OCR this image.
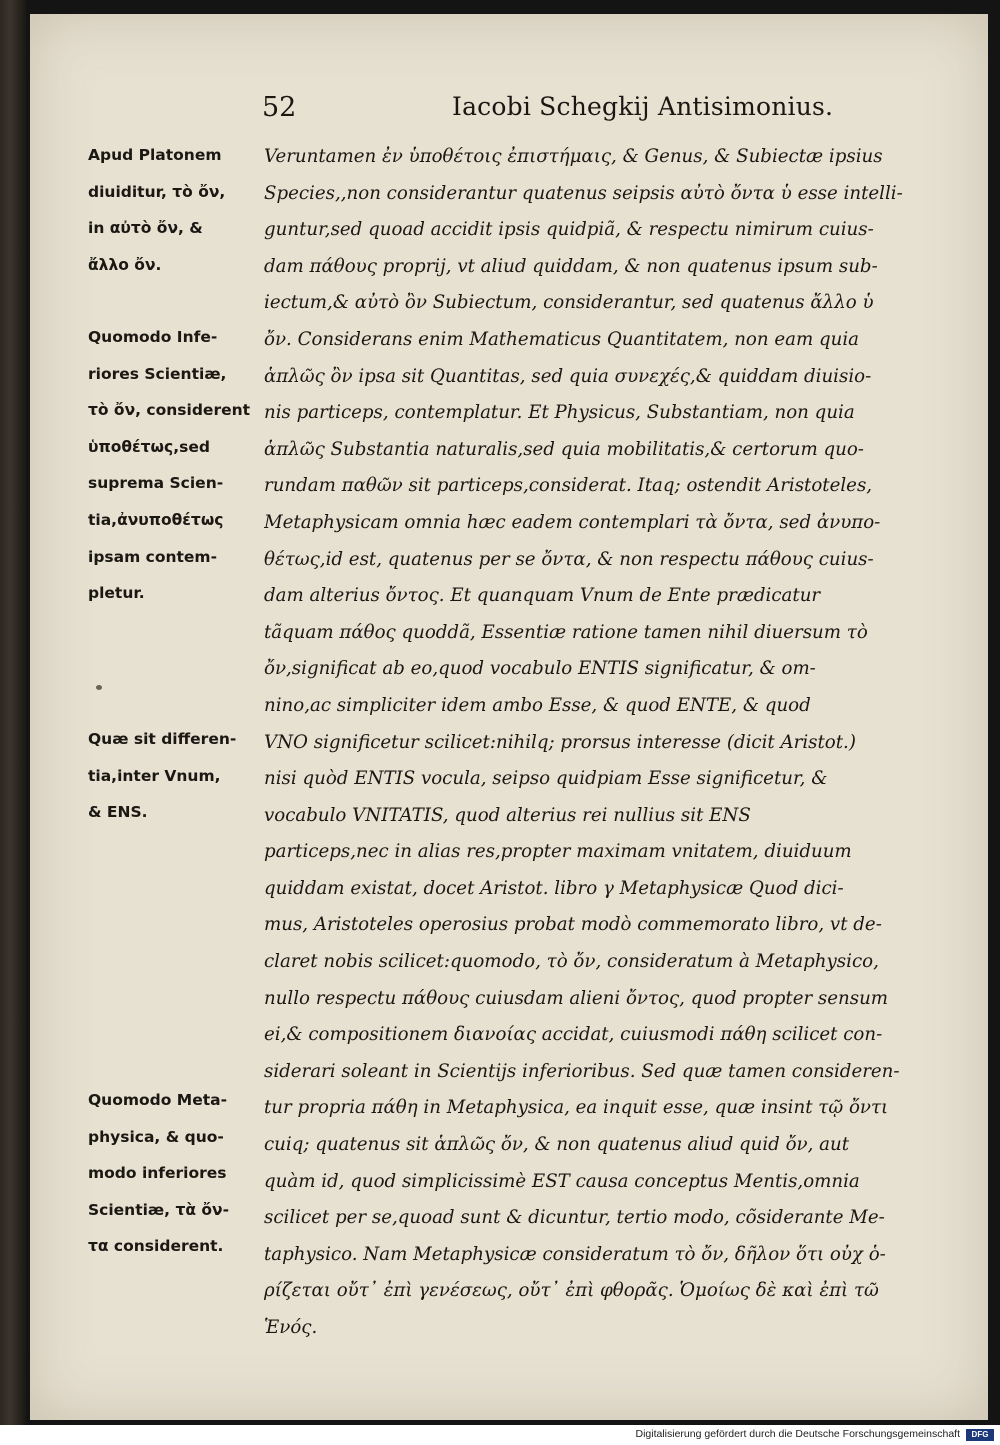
52	Iacobi Schegkij Antisimonius.
Veruntamen ἐν ὑποθέτοις ἐπιστήμαις, & Genus, & Subiectæ ipsius
Species,,non considerantur quatenus seipsis αὐτὸ ὄντα ὑ esse intelli-
guntur,sed quoad accidit ipsis quidpiã, & respectu nimirum cuius-
dam πάθους proprij, vt aliud quiddam, & non quatenus ipsum sub-
iectum,& αὐτὸ ὂν Subiectum, considerantur, sed quatenus ἄλλο ὑ
ὄν. Considerans enim Mathematicus Quantitatem, non eam quia
ἁπλῶς ὂν ipsa sit Quantitas, sed quia συνεχές,& quiddam diuisio-
nis particeps, contemplatur. Et Physicus, Substantiam, non quia
ἁπλῶς Substantia naturalis,sed quia mobilitatis,& certorum quo-
rundam παθῶν sit particeps,considerat. Itaq; ostendit Aristoteles,
Metaphysicam omnia hæc eadem contemplari τὰ ὄντα, sed ἀνυπο-
θέτως,id est, quatenus per se ὄντα, & non respectu πάθους cuius-
dam alterius ὄντος. Et quanquam Vnum de Ente prædicatur
tãquam πάθος quoddã, Essentiæ ratione tamen nihil diuersum τὸ
ὄν,significat ab eo,quod vocabulo ENTIS significatur, & om-
nino,ac simpliciter idem ambo Esse, & quod ENTE, & quod
VNO significetur scilicet:nihilq; prorsus interesse (dicit Aristot.)
nisi quòd ENTIS vocula, seipso quidpiam Esse significetur, &
vocabulo VNITATIS, quod alterius rei nullius sit ENS
particeps,nec in alias res,propter maximam vnitatem, diuiduum
quiddam existat, docet Aristot. libro γ Metaphysicæ Quod dici-
mus, Aristoteles operosius probat modò commemorato libro, vt de-
claret nobis scilicet:quomodo, τὸ ὄν, consideratum à Metaphysico,
nullo respectu πάθους cuiusdam alieni ὄντος, quod propter sensum
ei,& compositionem διανοίας accidat, cuiusmodi πάθη scilicet con-
siderari soleant in Scientijs inferioribus. Sed quæ tamen consideren-
tur propria πάθη in Metaphysica, ea inquit esse, quæ insint τῷ ὄντι
cuiq; quatenus sit ἁπλῶς ὄν, & non quatenus aliud quid ὄν, aut
quàm id, quod simplicissimè EST causa conceptus Mentis,omnia
scilicet per se,quoad sunt & dicuntur, tertio modo, cõsiderante Me-
taphysico. Nam Metaphysicæ consideratum τὸ ὄν, δῆλον ὅτι οὐχ ὁ-
ρίζεται οὔτ᾽ ἐπὶ γενέσεως, οὔτ᾽ ἐπὶ φθορᾶς. Ὁμοίως δὲ καὶ ἐπὶ τῶ
Ἑνός.
Apud Platonem
diuiditur, τὸ ὄν,
in αὐτὸ ὄν, &
ἄλλο ὄν.
Quomodo Infe-
riores Scientiæ,
τὸ ὄν, considerent
ὑποθέτως,sed
suprema Scien-
tia,ἀνυποθέτως
ipsam contem-
pletur.
Quæ sit differen-
tia,inter Vnum,
& ENS.
Quomodo Meta-
physica, & quo-
modo inferiores
Scientiæ, τὰ ὄν-
τα considerent.
Digitalisierung gefördert durch die Deutsche Forschungsgemeinschaft	DFG
